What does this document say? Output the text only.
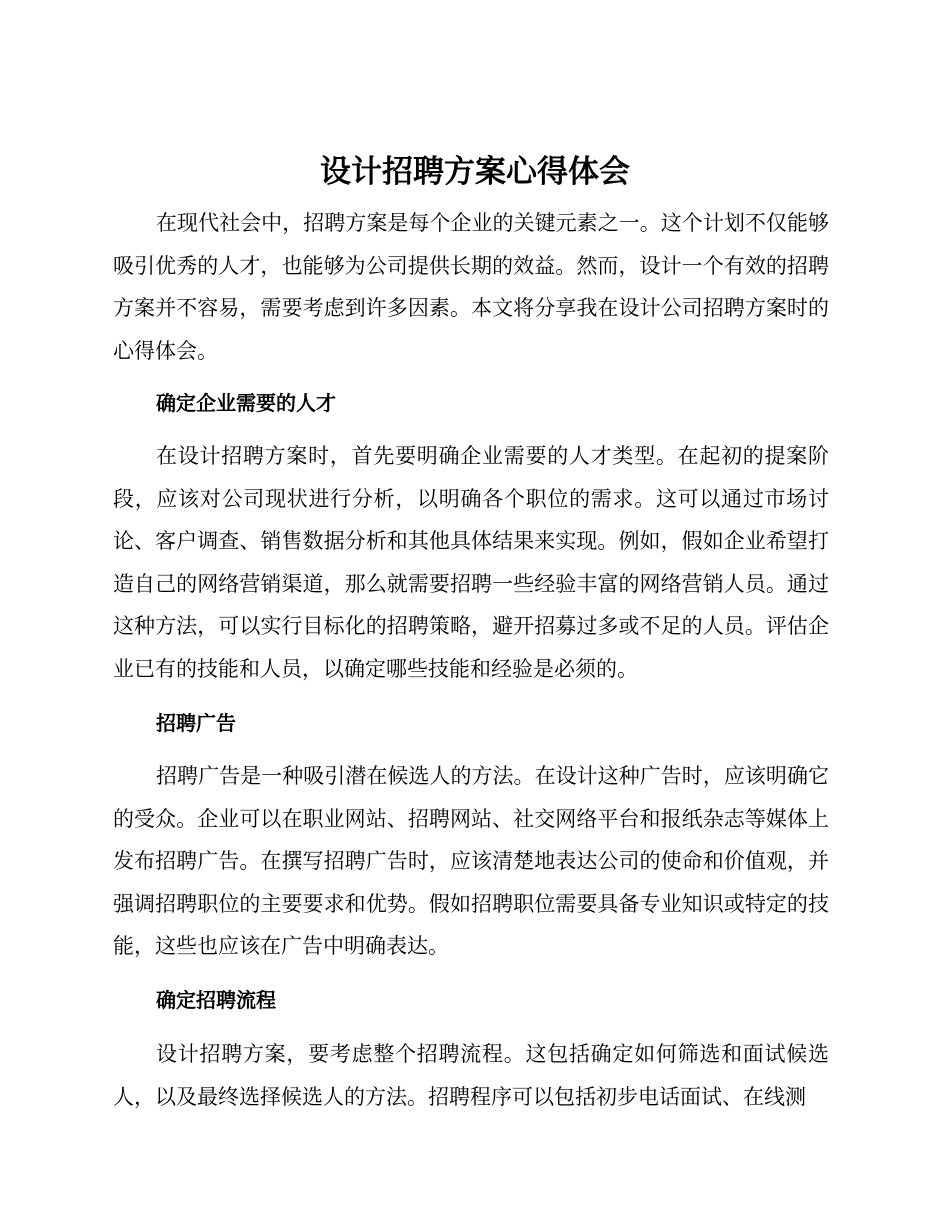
设计招聘方案心得体会

在现代社会中，招聘方案是每个企业的关键元素之一。这个计划不仅能够吸引优秀的人才，也能够为公司提供长期的效益。然而，设计一个有效的招聘方案并不容易，需要考虑到许多因素。本文将分享我在设计公司招聘方案时的心得体会。

确定企业需要的人才

在设计招聘方案时，首先要明确企业需要的人才类型。在起初的提案阶段，应该对公司现状进行分析，以明确各个职位的需求。这可以通过市场讨论、客户调查、销售数据分析和其他具体结果来实现。例如，假如企业希望打造自己的网络营销渠道，那么就需要招聘一些经验丰富的网络营销人员。通过这种方法，可以实行目标化的招聘策略，避开招募过多或不足的人员。评估企业已有的技能和人员，以确定哪些技能和经验是必须的。

招聘广告

招聘广告是一种吸引潜在候选人的方法。在设计这种广告时，应该明确它的受众。企业可以在职业网站、招聘网站、社交网络平台和报纸杂志等媒体上发布招聘广告。在撰写招聘广告时，应该清楚地表达公司的使命和价值观，并强调招聘职位的主要要求和优势。假如招聘职位需要具备专业知识或特定的技能，这些也应该在广告中明确表达。

确定招聘流程

设计招聘方案，要考虑整个招聘流程。这包括确定如何筛选和面试候选人，以及最终选择候选人的方法。招聘程序可以包括初步电话面试、在线测
